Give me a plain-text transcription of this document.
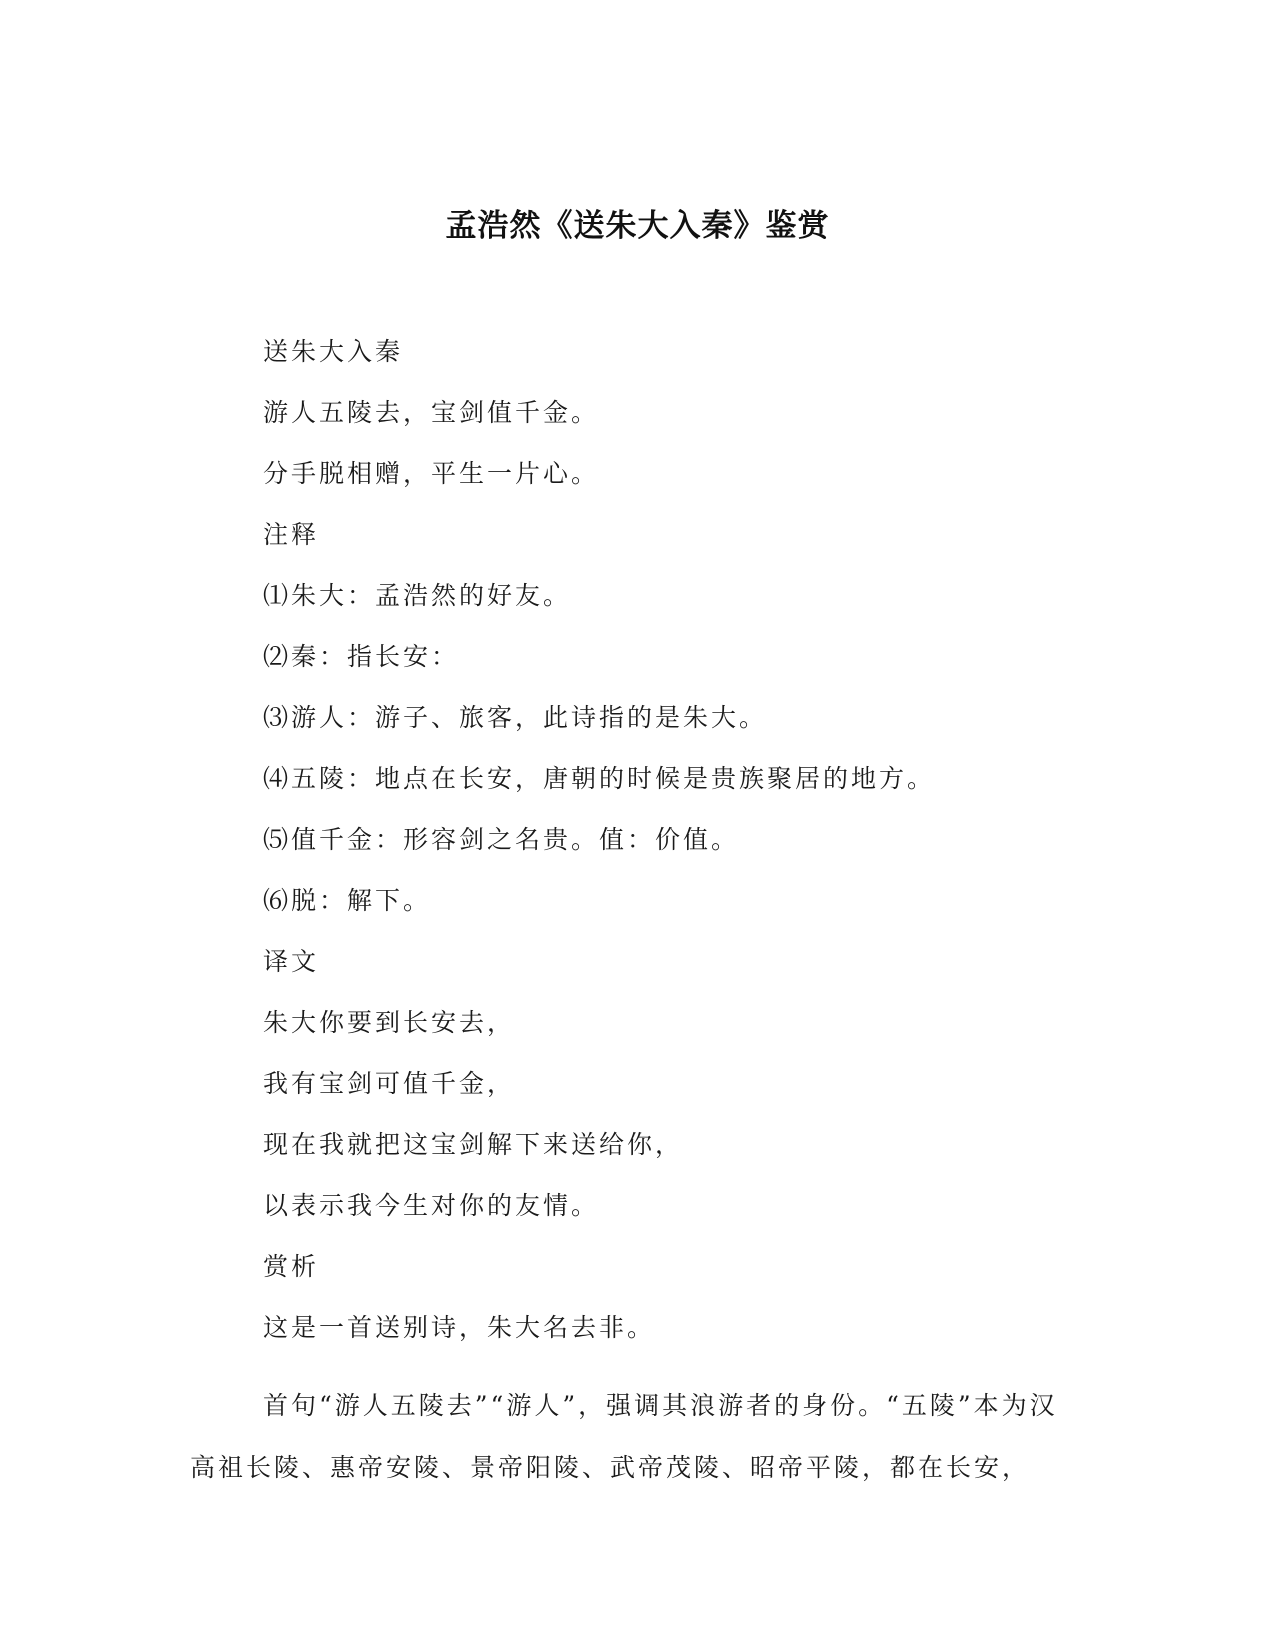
孟浩然《送朱大入秦》鉴赏

送朱大入秦

游人五陵去，宝剑值千金。

分手脱相赠，平生一片心。

注释

⑴朱大：孟浩然的好友。

⑵秦：指长安：

⑶游人：游子、旅客，此诗指的是朱大。

⑷五陵：地点在长安，唐朝的时候是贵族聚居的地方。

⑸值千金：形容剑之名贵。值：价值。

⑹脱：解下。

译文

朱大你要到长安去，

我有宝剑可值千金，

现在我就把这宝剑解下来送给你，

以表示我今生对你的友情。

赏析

这是一首送别诗，朱大名去非。

首句“游人五陵去”“游人”，强调其浪游者的身份。“五陵”本为汉
高祖长陵、惠帝安陵、景帝阳陵、武帝茂陵、昭帝平陵，都在长安，
